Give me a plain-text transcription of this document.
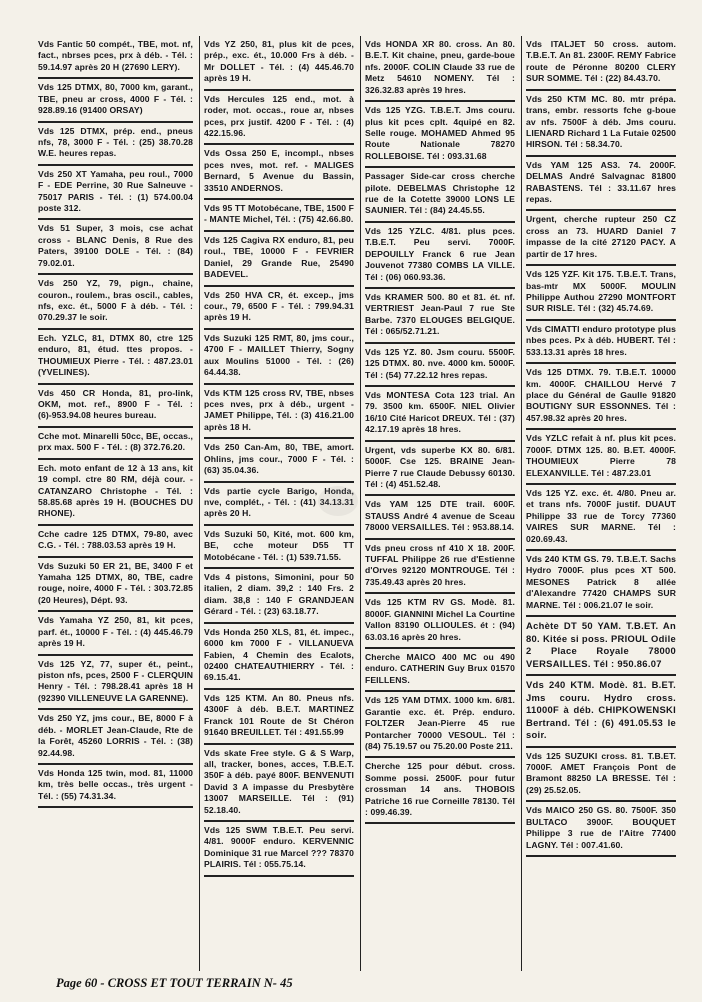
Vds Fantic 50 compét., TBE, mot. nf, fact., nbrses pces, prx à déb. - Tél. : 59.14.97 après 20 H (27690 LERY).

Vds 125 DTMX, 80, 7000 km, garant., TBE, pneu ar cross, 4000 F - Tél. : 928.89.16 (91400 ORSAY)

Vds 125 DTMX, prép. end., pneus nfs, 78, 3000 F - Tél. : (25) 38.70.28 W.E. heures repas.

Vds 250 XT Yamaha, peu roul., 7000 F - EDE Perrine, 30 Rue Salneuve - 75017 PARIS - Tél. : (1) 574.00.04 poste 312.

Vds 51 Super, 3 mois, cse achat cross - BLANC Denis, 8 Rue des Paters, 39100 DOLE - Tél. : (84) 79.02.01.

Vds 250 YZ, 79, pign., chaine, couron., roulem., bras oscil., cables, nfs, exc. ét., 5000 F à déb. - Tél. : 070.29.37 le soir.

Ech. YZLC, 81, DTMX 80, ctre 125 enduro, 81, étud. ttes propos. - THOUMIEUX Pierre - Tél. : 487.23.01 (YVELINES).

Vds 450 CR Honda, 81, pro-link, OKM, mot. ref., 8900 F - Tél. : (6)-953.94.08 heures bureau.

Cche mot. Minarelli 50cc, BE, occas., prx max. 500 F - Tél. : (8) 372.76.20.

Ech. moto enfant de 12 à 13 ans, kit 19 compl. ctre 80 RM, déjà cour. - CATANZARO Christophe - Tél. : 58.85.68 après 19 H. (BOUCHES DU RHONE).

Cche cadre 125 DTMX, 79-80, avec C.G. - Tél. : 788.03.53 après 19 H.

Vds Suzuki 50 ER 21, BE, 3400 F et Yamaha 125 DTMX, 80, TBE, cadre rouge, noire, 4000 F - Tél. : 303.72.85 (20 Heures), Dépt. 93.

Vds Yamaha YZ 250, 81, kit pces, parf. ét., 10000 F - Tél. : (4) 445.46.79 après 19 H.

Vds 125 YZ, 77, super ét., peint., piston nfs, pces, 2500 F - CLERQUIN Henry - Tél. : 798.28.41 après 18 H (92390 VILLENEUVE LA GARENNE).

Vds 250 YZ, jms cour., BE, 8000 F à déb. - MORLET Jean-Claude, Rte de la Forêt, 45260 LORRIS - Tél. : (38) 92.44.98.

Vds Honda 125 twin, mod. 81, 11000 km, très belle occas., très urgent - Tél. : (55) 74.31.34.

Vds YZ 250, 81, plus kit de pces, prép., exc. ét., 10.000 Frs à déb. - Mr DOLLET - Tél. : (4) 445.46.70 après 19 H.

Vds Hercules 125 end., mot. à roder, mot. occas., roue ar, nbses pces, prx justif. 4200 F - Tél. : (4) 422.15.96.

Vds Ossa 250 E, incompl., nbses pces nves, mot. ref. - MALIGES Bernard, 5 Avenue du Bassin, 33510 ANDERNOS.

Vds 95 TT Motobécane, TBE, 1500 F - MANTE Michel, Tél. : (75) 42.66.80.

Vds 125 Cagiva RX enduro, 81, peu roul., TBE, 10000 F - FEVRIER Daniel, 29 Grande Rue, 25490 BADEVEL.

Vds 250 HVA CR, ét. excep., jms cour., 79, 6500 F - Tél. : 799.94.31 après 19 H.

Vds Suzuki 125 RMT, 80, jms cour., 4700 F - MAILLET Thierry, Sogny aux Moulins 51000 - Tél. : (26) 64.44.38.

Vds KTM 125 cross RV, TBE, nbses pces nves, prx à déb., urgent - JAMET Philippe, Tél. : (3) 416.21.00 après 18 H.

Vds 250 Can-Am, 80, TBE, amort. Ohlins, jms cour., 7000 F - Tél. : (63) 35.04.36.

Vds partie cycle Barigo, Honda, nve, complét., - Tél. : (41) 34.13.31 après 20 H.

Vds Suzuki 50, Kité, mot. 600 km, BE, cche moteur D55 TT Motobécane - Tél. : (1) 539.71.55.

Vds 4 pistons, Simonini, pour 50 italien, 2 diam. 39,2 : 140 Frs. 2 diam. 38,8 : 140 F GRANDJEAN Gérard - Tél. : (23) 63.18.77.

Vds Honda 250 XLS, 81, ét. impec., 6000 km 7000 F - VILLANUEVA Fabien, 4 Chemin des Ecalots, 02400 CHATEAUTHIERRY - Tél. : 69.15.41.

Vds 125 KTM. An 80. Pneus nfs. 4300F à déb. B.E.T. MARTINEZ Franck 101 Route de St Chéron 91640 BREUILLET. Tél : 491.55.99

Vds skate Free style. G & S Warp, all, tracker, bones, acces, T.B.E.T. 350F à déb. payé 800F. BENVENUTI David 3 A impasse du Presbytère 13007 MARSEILLE. Tél : (91) 52.18.40.

Vds 125 SWM T.B.E.T. Peu servi. 4/81. 9000F enduro. KERVENNIC Dominique 31 rue Marcel ??? 78370 PLAIRIS. Tél : 055.75.14.

Vds HONDA XR 80. cross. An 80. B.E.T. Kit chaine, pneu, garde-boue nfs. 2000F. COLIN Claude 33 rue de Metz 54610 NOMENY. Tél : 326.32.83 après 19 hres.

Vds 125 YZG. T.B.E.T. Jms couru. plus kit pces cplt. 4quipé en 82. Selle rouge. MOHAMED Ahmed 95 Route Nationale 78270 ROLLEBOISE. Tél : 093.31.68

Passager Side-car cross cherche pilote. DEBELMAS Christophe 12 rue de la Cotette 39000 LONS LE SAUNIER. Tél : (84) 24.45.55.

Vds 125 YZLC. 4/81. plus pces. T.B.E.T. Peu servi. 7000F. DEPOUILLY Franck 6 rue Jean Jouvenot 77380 COMBS LA VILLE. Tél : (06) 060.93.36.

Vds KRAMER 500. 80 et 81. ét. nf. VERTRIEST Jean-Paul 7 rue Ste Barbe. 7370 ELOUGES BELGIQUE. Tél : 065/52.71.21.

Vds 125 YZ. 80. Jsm couru. 5500F. 125 DTMX. 80. nve. 4000 km. 5000F. Tél : (54) 77.22.12 hres repas.

Vds MONTESA Cota 123 trial. An 79. 3500 km. 6500F. NIEL Olivier 16/10 Cité Haricot DREUX. Tél : (37) 42.17.19 après 18 hres.

Urgent, vds superbe KX 80. 6/81. 5000F. Cse 125. BRAINE Jean-Pierre 7 rue Claude Debussy 60130. Tél : (4) 451.52.48.

Vds YAM 125 DTE trail. 600F. STAUSS André 4 avenue de Sceau 78000 VERSAILLES. Tél : 953.88.14.

Vds pneu cross nf 410 X 18. 200F. TUFFAL Philippe 26 rue d'Estienne d'Orves 92120 MONTROUGE. Tél : 735.49.43 après 20 hres.

Vds 125 KTM RV GS. Modè. 81. 8000F. GIANNINI Michel La Courtine Vallon 83190 OLLIOULES. ét : (94) 63.03.16 après 20 hres.

Cherche MAICO 400 MC ou 490 enduro. CATHERIN Guy Brux 01570 FEILLENS.

Vds 125 YAM DTMX. 1000 km. 6/81. Garantie exc. ét. Prép. enduro. FOLTZER Jean-Pierre 45 rue Pontarcher 70000 VESOUL. Tél : (84) 75.19.57 ou 75.20.00 Poste 211.

Cherche 125 pour début. cross. Somme possi. 2500F. pour futur crossman 14 ans. THOBOIS Patriche 16 rue Corneille 78130. Tél : 099.46.39.

Vds ITALJET 50 cross. autom. T.B.E.T. An 81. 2300F. REMY Fabrice route de Péronne 80200 CLERY SUR SOMME. Tél : (22) 84.43.70.

Vds 250 KTM MC. 80. mtr prépa. trans, embr. ressorts fche g-boue av nfs. 7500F à déb. Jms couru. LIENARD Richard 1 La Futaie 02500 HIRSON. Tél : 58.34.70.

Vds YAM 125 AS3. 74. 2000F. DELMAS André Salvagnac 81800 RABASTENS. Tél : 33.11.67 hres repas.

Urgent, cherche rupteur 250 CZ cross an 73. HUARD Daniel 7 impasse de la cité 27120 PACY. A partir de 17 hres.

Vds 125 YZF. Kit 175. T.B.E.T. Trans, bas-mtr MX 5000F. MOULIN Philippe Authou 27290 MONTFORT SUR RISLE. Tél : (32) 45.74.69.

Vds CIMATTI enduro prototype plus nbes pces. Px à déb. HUBERT. Tél : 533.13.31 après 18 hres.

Vds 125 DTMX. 79. T.B.E.T. 10000 km. 4000F. CHAILLOU Hervé 7 place du Général de Gaulle 91820 BOUTIGNY SUR ESSONNES. Tél : 457.98.32 après 20 hres.

Vds YZLC refait à nf. plus kit pces. 7000F. DTMX 125. 80. B.ET. 4000F. THOUMIEUX Pierre 78 ELEXANVILLE. Tél : 487.23.01

Vds 125 YZ. exc. ét. 4/80. Pneu ar. et trans nfs. 7000F justif. DUAUT Philippe 33 rue de Torcy 77360 VAIRES SUR MARNE. Tél : 020.69.43.

Vds 240 KTM GS. 79. T.B.E.T. Sachs Hydro 7000F. plus pces XT 500. MESONES Patrick 8 allée d'Alexandre 77420 CHAMPS SUR MARNE. Tél : 006.21.07 le soir.

Achète DT 50 YAM. T.B.ET. An 80. Kitée si poss. PRIOUL Odile 2 Place Royale 78000 VERSAILLES. Tél : 950.86.07

Vds 240 KTM. Modè. 81. B.ET. Jms couru. Hydro cross. 11000F à déb. CHIPKOWENSKI Bertrand. Tél : (6) 491.05.53 le soir.

Vds 125 SUZUKI cross. 81. T.B.ET. 7000F. AMET François Pont de Bramont 88250 LA BRESSE. Tél : (29) 25.52.05.

Vds MAICO 250 GS. 80. 7500F. 350 BULTACO 3900F. BOUQUET Philippe 3 rue de l'Aitre 77400 LAGNY. Tél : 007.41.60.

Page 60 - CROSS ET TOUT TERRAIN N- 45
